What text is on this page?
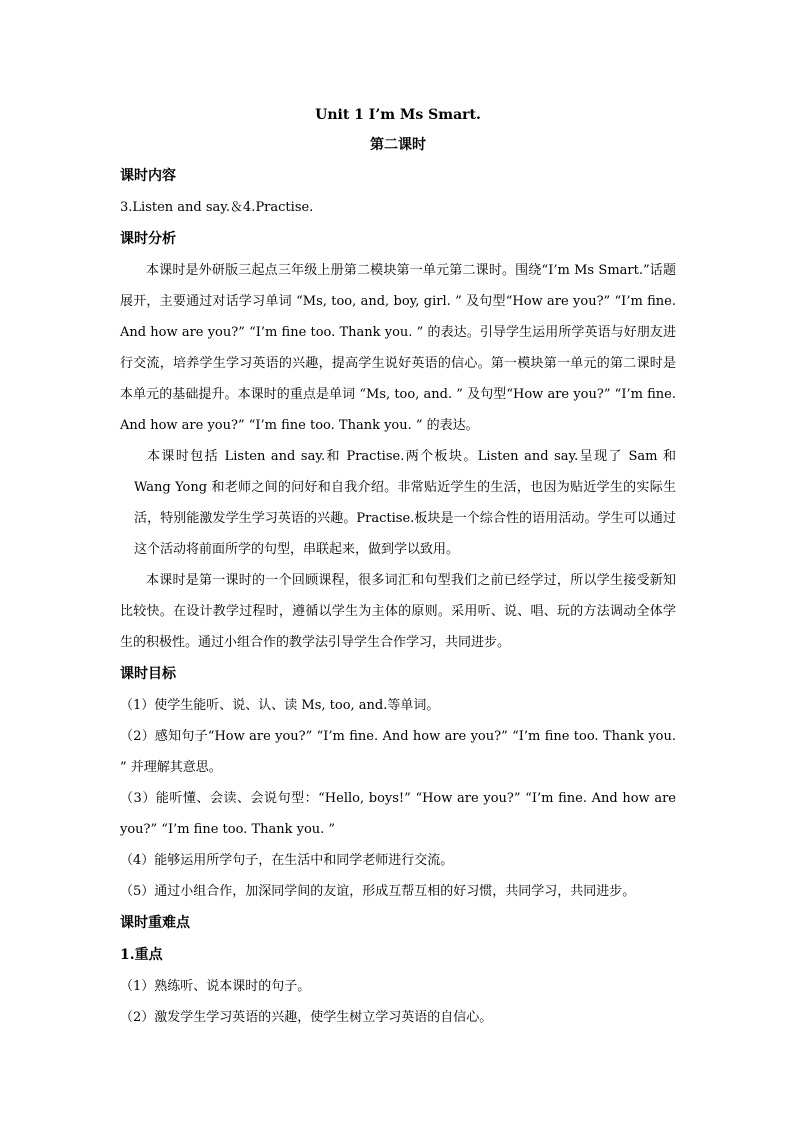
Unit 1 I’m Ms Smart.
第二课时
课时内容
3.Listen and say.＆4.Practise.
课时分析
本课时是外研版三起点三年级上册第二模块第一单元第二课时。围绕“I’m Ms Smart.”话题展开，主要通过对话学习单词 “Ms, too, and, boy, girl. ” 及句型“How are you?” “I’m fine. And how are you?” “I’m fine too. Thank you. ” 的表达。引导学生运用所学英语与好朋友进行交流，培养学生学习英语的兴趣，提高学生说好英语的信心。第一模块第一单元的第二课时是本单元的基础提升。本课时的重点是单词 “Ms, too, and. ” 及句型“How are you?” “I’m fine. And how are you?” “I’m fine too. Thank you. ” 的表达。
本课时包括 Listen and say.和 Practise.两个板块。Listen and say.呈现了 Sam 和 Wang Yong 和老师之间的问好和自我介绍。非常贴近学生的生活，也因为贴近学生的实际生活，特别能激发学生学习英语的兴趣。Practise.板块是一个综合性的语用活动。学生可以通过这个活动将前面所学的句型，串联起来，做到学以致用。
本课时是第一课时的一个回顾课程，很多词汇和句型我们之前已经学过，所以学生接受新知比较快。在设计教学过程时，遵循以学生为主体的原则。采用听、说、唱、玩的方法调动全体学生的积极性。通过小组合作的教学法引导学生合作学习，共同进步。
课时目标
（1）使学生能听、说、认、读 Ms, too, and.等单词。
（2）感知句子“How are you?” “I’m fine. And how are you?” “I’m fine too. Thank you. ” 并理解其意思。
（3）能听懂、会读、会说句型：“Hello, boys!” “How are you?” “I’m fine. And how are you?” “I’m fine too. Thank you. ”
（4）能够运用所学句子，在生活中和同学老师进行交流。
（5）通过小组合作，加深同学间的友谊，形成互帮互相的好习惯，共同学习，共同进步。
课时重难点
1.重点
（1）熟练听、说本课时的句子。
（2）激发学生学习英语的兴趣，使学生树立学习英语的自信心。
